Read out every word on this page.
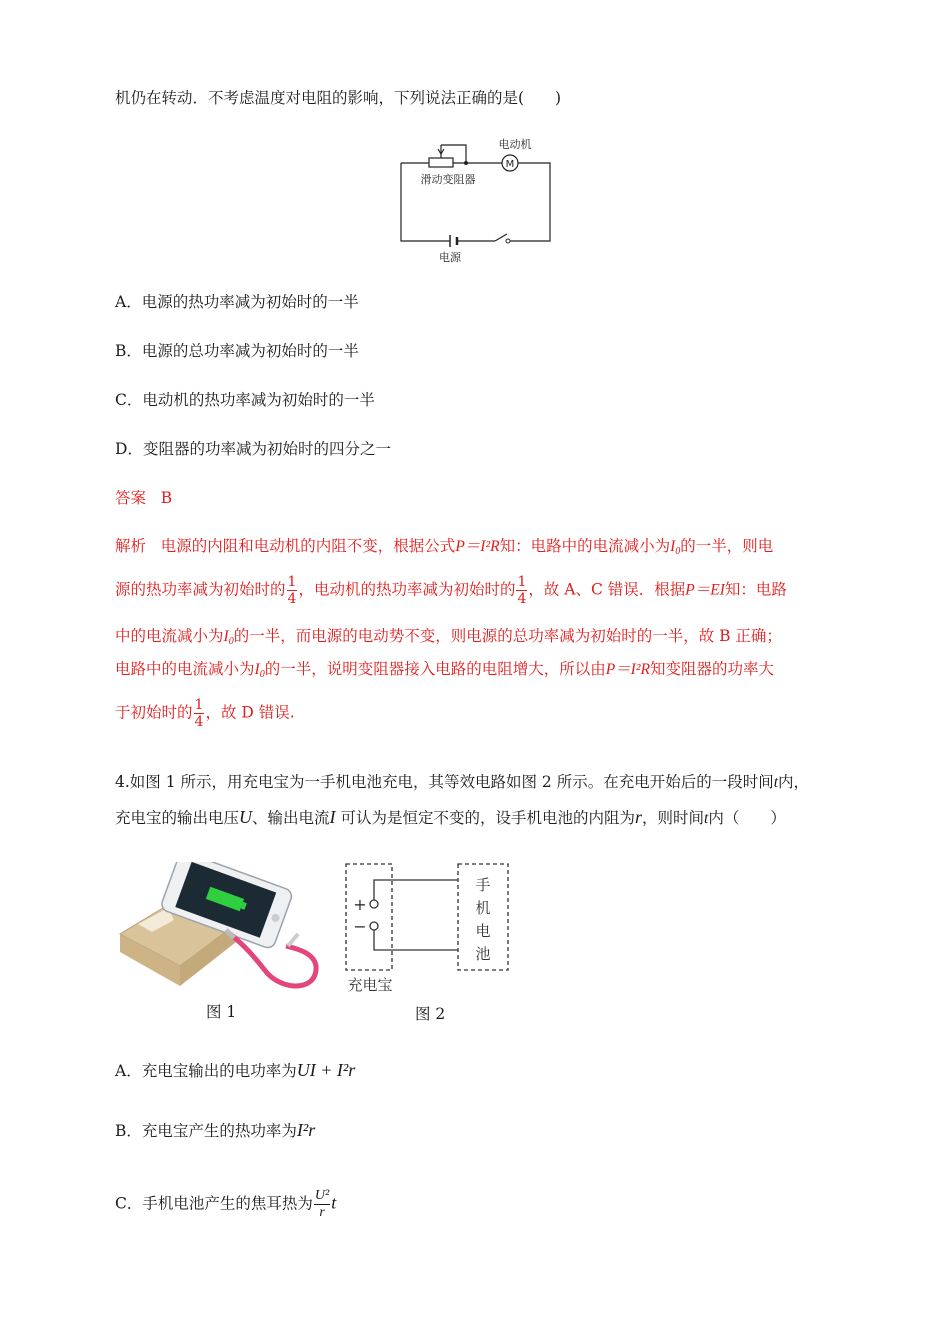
机仍在转动．不考虑温度对电阻的影响，下列说法正确的是(　　)
M
电动机
滑动变阻器
电源
A．电源的热功率减为初始时的一半
B．电源的总功率减为初始时的一半
C．电动机的热功率减为初始时的一半
D．变阻器的功率减为初始时的四分之一
答案 B
解析 电源的内阻和电动机的内阻不变，根据公式P＝I²R知：电路中的电流减小为$I_0$的一半，则电
源的热功率减为初始时的 $\frac{1}{4}$ ，电动机的热功率减为初始时的 $\frac{1}{4}$ ，故 A、C 错误．根据P＝EI知：电路
中的电流减小为$I_0$的一半，而电源的电动势不变，则电源的总功率减为初始时的一半，故 B 正确；
电路中的电流减小为$I_0$的一半，说明变阻器接入电路的电阻增大，所以由P＝I²R知变阻器的功率大
于初始时的 $\frac{1}{4}$ ，故 D 错误.
4.如图 1 所示，用充电宝为一手机电池充电，其等效电路如图 2 所示。在充电开始后的一段时间t内，
充电宝的输出电压U、输出电流I 可认为是恒定不变的，设手机电池的内阻为r，则时间t内（　　）
图 1
+
−
手
机
电
池
充电宝
图 2
A．充电宝输出的电功率为UI + I²r
B．充电宝产生的热功率为I²r
C．手机电池产生的焦耳热为 $\frac{\text{U²}}{r}$ t
